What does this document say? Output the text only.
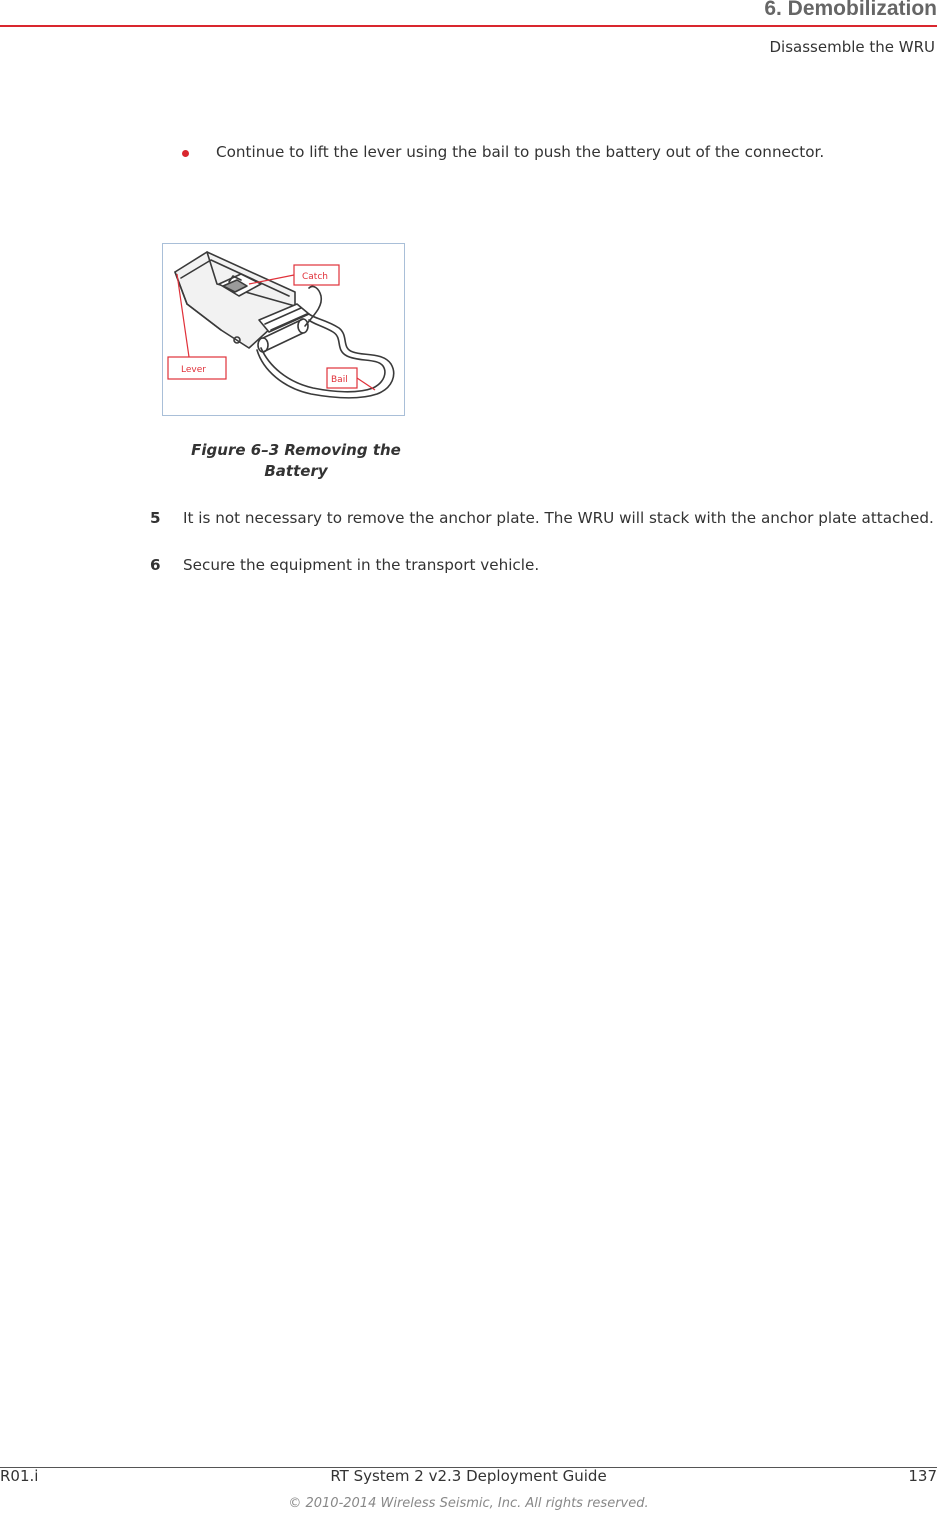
6. Demobilization
Disassemble the WRU
Continue to lift the lever using the bail to push the battery out of the connector.
Catch
Lever
Bail
Figure 6–3 Removing the
Battery
5 It is not necessary to remove the anchor plate. The WRU will stack with the anchor plate attached.
6 Secure the equipment in the transport vehicle.
R01.i	RT System 2 v2.3 Deployment Guide	137
© 2010-2014 Wireless Seismic, Inc. All rights reserved.
